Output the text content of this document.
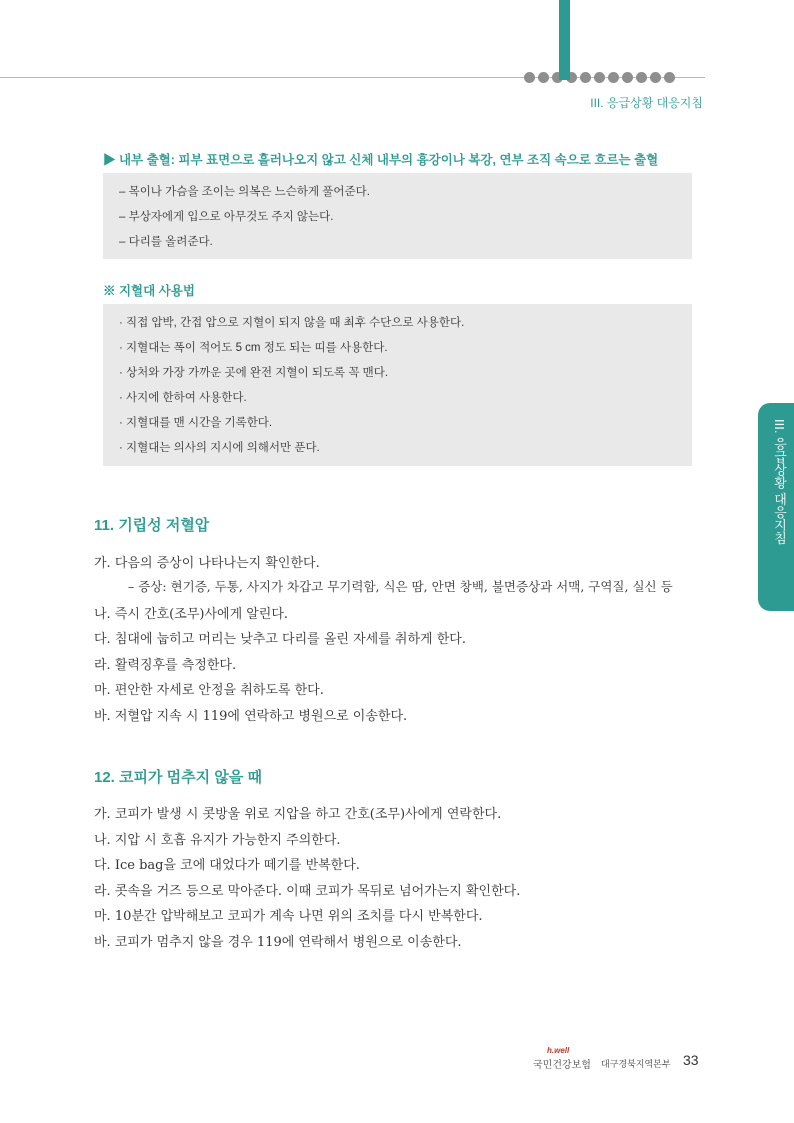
III. 응급상황 대응지침
III. 응급상황 대응지침
▶ 내부 출혈: 피부 표면으로 흘러나오지 않고 신체 내부의 흉강이나 복강, 연부 조직 속으로 흐르는 출혈
– 목이나 가슴을 조이는 의복은 느슨하게 풀어준다.
– 부상자에게 입으로 아무것도 주지 않는다.
– 다리를 올려준다.
※ 지혈대 사용법
· 직접 압박, 간접 압으로 지혈이 되지 않을 때 최후 수단으로 사용한다.
· 지혈대는 폭이 적어도 5 cm 정도 되는 띠를 사용한다.
· 상처와 가장 가까운 곳에 완전 지혈이 되도록 꼭 맨다.
· 사지에 한하여 사용한다.
· 지혈대를 맨 시간을 기록한다.
· 지혈대는 의사의 지시에 의해서만 푼다.
11. 기립성 저혈압
가. 다음의 증상이 나타나는지 확인한다.
– 증상: 현기증, 두통, 사지가 차갑고 무기력함, 식은 땀, 안면 창백, 불면증상과 서맥, 구역질, 실신 등
나. 즉시 간호(조무)사에게 알린다.
다. 침대에 눕히고 머리는 낮추고 다리를 올린 자세를 취하게 한다.
라. 활력징후를 측정한다.
마. 편안한 자세로 안정을 취하도록 한다.
바. 저혈압 지속 시 119에 연락하고 병원으로 이송한다.
12. 코피가 멈추지 않을 때
가. 코피가 발생 시 콧방울 위로 지압을 하고 간호(조무)사에게 연락한다.
나. 지압 시 호흡 유지가 가능한지 주의한다.
다. Ice bag을 코에 대었다가 떼기를 반복한다.
라. 콧속을 거즈 등으로 막아준다. 이때 코피가 목뒤로 넘어가는지 확인한다.
마. 10분간 압박해보고 코피가 계속 나면 위의 조치를 다시 반복한다.
바. 코피가 멈추지 않을 경우 119에 연락해서 병원으로 이송한다.
h.well
국민건강보험 대구경북지역본부 33
